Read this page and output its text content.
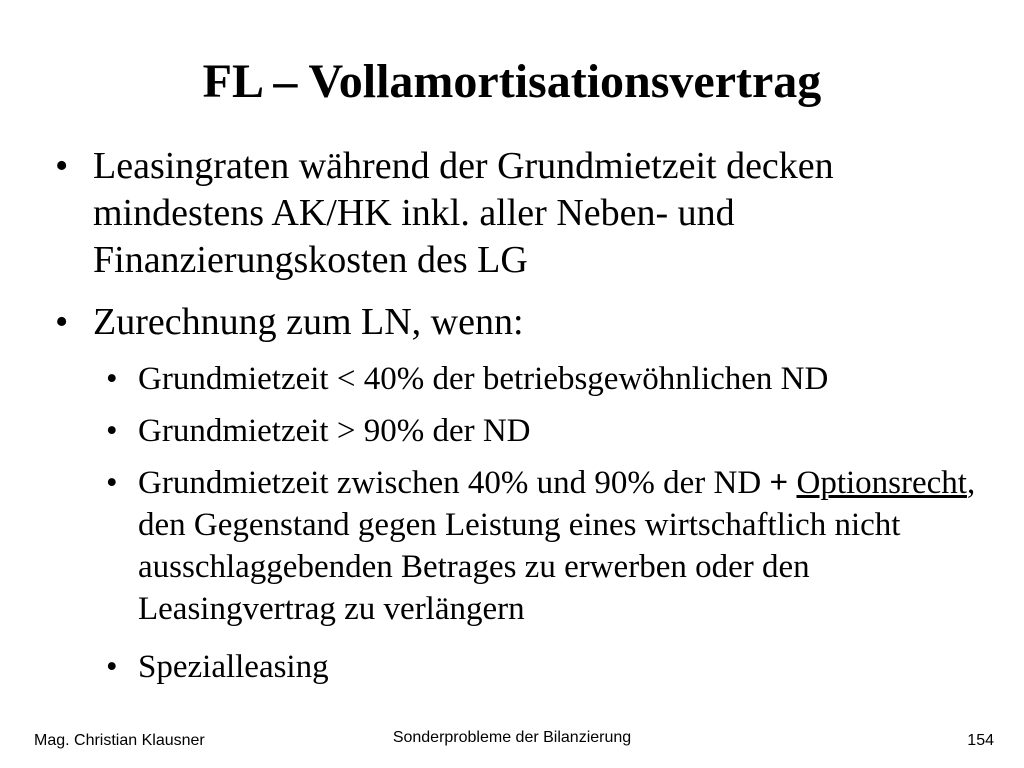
FL – Vollamortisationsvertrag

• Leasingraten während der Grundmietzeit decken mindestens AK/HK inkl. aller Neben- und Finanzierungskosten des LG

• Zurechnung zum LN, wenn:

• Grundmietzeit < 40% der betriebsgewöhnlichen ND

• Grundmietzeit > 90% der ND

• Grundmietzeit zwischen 40% und 90% der ND + Optionsrecht, den Gegenstand gegen Leistung eines wirtschaftlich nicht ausschlaggebenden Betrages zu erwerben oder den Leasingvertrag zu verlängern

• Spezialleasing

Mag. Christian Klausner	Sonderprobleme der Bilanzierung	154
